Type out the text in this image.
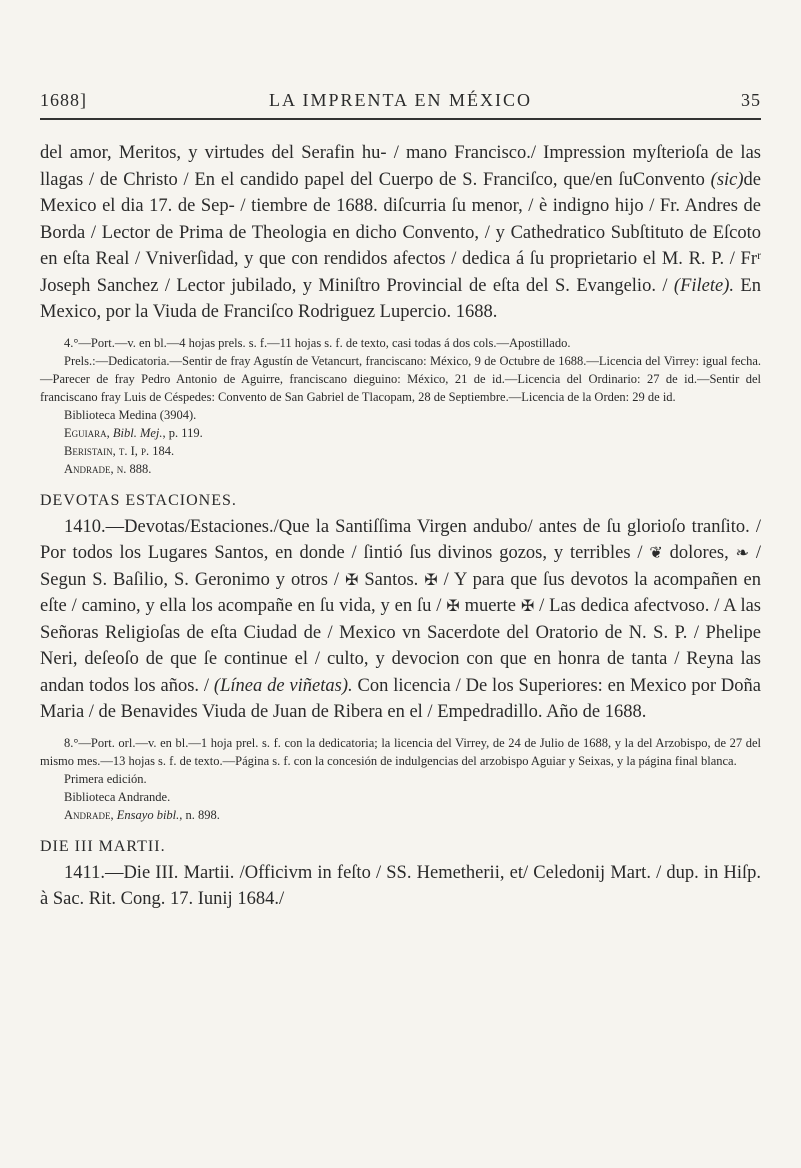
1688]	LA IMPRENTA EN MÉXICO	35

del amor, Meritos, y virtudes del Serafin hu- / mano Francisco./ Impression myſterioſa de las llagas / de Christo / En el candido papel del Cuerpo de S. Franciſco, que/en ſuConvento (sic)de Mexico el dia 17. de Sep- / tiembre de 1688. diſcurria ſu menor, / è indigno hijo / Fr. Andres de Borda / Lector de Prima de Theologia en dicho Convento, / y Cathedratico Subſtituto de Eſcoto en eſta Real / Vniverſidad, y que con rendidos afectos / dedica á ſu proprietario el M. R. P. / Frʳ Joseph Sanchez / Lector jubilado, y Miniſtro Provincial de eſta del S. Evangelio. / (Filete). En Mexico, por la Viuda de Franciſco Rodriguez Lupercio. 1688.

4.°—Port.—v. en bl.—4 hojas prels. s. f.—11 hojas s. f. de texto, casi todas á dos cols.—Apostillado.

Prels.:—Dedicatoria.—Sentir de fray Agustín de Vetancurt, franciscano: México, 9 de Octubre de 1688.—Licencia del Virrey: igual fecha.—Parecer de fray Pedro Antonio de Aguirre, franciscano dieguino: México, 21 de id.—Licencia del Ordinario: 27 de id.—Sentir del franciscano fray Luis de Céspedes: Convento de San Gabriel de Tlacopam, 28 de Septiembre.—Licencia de la Orden: 29 de id.

Biblioteca Medina (3904).

Eguiara, Bibl. Mej., p. 119.

Beristain, t. I, p. 184.

Andrade, n. 888.

DEVOTAS ESTACIONES.

1410.—Devotas/Estaciones./Que la Santiſſima Virgen andubo/ antes de ſu glorioſo tranſito. / Por todos los Lugares Santos, en donde / ſintió ſus divinos gozos, y terribles / ❦ dolores, ❧ / Segun S. Baſilio, S. Geronimo y otros / ✠ Santos. ✠ / Y para que ſus devotos la acompañen en eſte / camino, y ella los acompañe en ſu vida, y en ſu / ✠ muerte ✠ / Las dedica afectvoso. / A las Señoras Religioſas de eſta Ciudad de / Mexico vn Sacerdote del Oratorio de N. S. P. / Phelipe Neri, deſeoſo de que ſe continue el / culto, y devocion con que en honra de tanta / Reyna las andan todos los años. / (Línea de viñetas). Con licencia / De los Superiores: en Mexico por Doña Maria / de Benavides Viuda de Juan de Ribera en el / Empedradillo. Año de 1688.

8.°—Port. orl.—v. en bl.—1 hoja prel. s. f. con la dedicatoria; la licencia del Virrey, de 24 de Julio de 1688, y la del Arzobispo, de 27 del mismo mes.—13 hojas s. f. de texto.—Página s. f. con la concesión de indulgencias del arzobispo Aguiar y Seixas, y la página final blanca.

Primera edición.

Biblioteca Andrande.

Andrade, Ensayo bibl., n. 898.

DIE III MARTII.

1411.—Die III. Martii. /Officivm in feſto / SS. Hemetherii, et/ Celedonij Mart. / dup. in Hiſp. à Sac. Rit. Cong. 17. Iunij 1684./
